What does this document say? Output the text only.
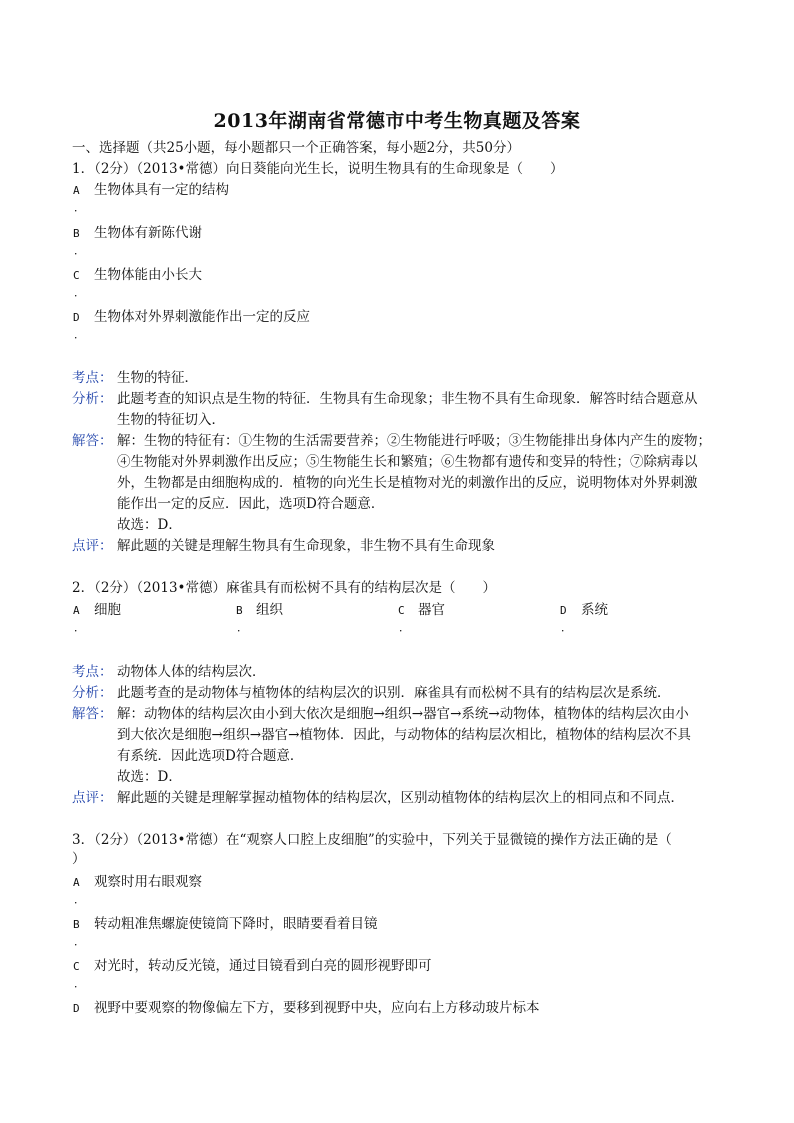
2013年湖南省常德市中考生物真题及答案
一、选择题（共25小题，每小题都只一个正确答案，每小题2分，共50分）
1．（2分）（2013•常德）向日葵能向光生长，说明生物具有的生命现象是（　　）
A 生物体具有一定的结构
．
B 生物体有新陈代谢
．
C 生物体能由小长大
．
D 生物体对外界刺激能作出一定的反应
．
考点： 生物的特征．
分析： 此题考查的知识点是生物的特征．生物具有生命现象；非生物不具有生命现象．解答时结合题意从
生物的特征切入．
解答： 解：生物的特征有：①生物的生活需要营养；②生物能进行呼吸；③生物能排出身体内产生的废物；
④生物能对外界刺激作出反应；⑤生物能生长和繁殖；⑥生物都有遗传和变异的特性；⑦除病毒以
外，生物都是由细胞构成的．植物的向光生长是植物对光的刺激作出的反应，说明物体对外界刺激
能作出一定的反应．因此，选项D符合题意．
故选：D．
点评： 解此题的关键是理解生物具有生命现象，非生物不具有生命现象
2．（2分）（2013•常德）麻雀具有而松树不具有的结构层次是（　　）
A 细胞
．
B 组织
．
C 器官
．
D 系统
．
考点： 动物体人体的结构层次．
分析： 此题考查的是动物体与植物体的结构层次的识别．麻雀具有而松树不具有的结构层次是系统．
解答： 解：动物体的结构层次由小到大依次是细胞→组织→器官→系统→动物体，植物体的结构层次由小
到大依次是细胞→组织→器官→植物体．因此，与动物体的结构层次相比，植物体的结构层次不具
有系统．因此选项D符合题意．
故选：D．
点评： 解此题的关键是理解掌握动植物体的结构层次，区别动植物体的结构层次上的相同点和不同点．
3．（2分）（2013•常德）在“观察人口腔上皮细胞”的实验中，下列关于显微镜的操作方法正确的是（
）
A 观察时用右眼观察
．
B 转动粗准焦螺旋使镜筒下降时，眼睛要看着目镜
．
C 对光时，转动反光镜，通过目镜看到白亮的圆形视野即可
．
D 视野中要观察的物像偏左下方，要移到视野中央，应向右上方移动玻片标本
